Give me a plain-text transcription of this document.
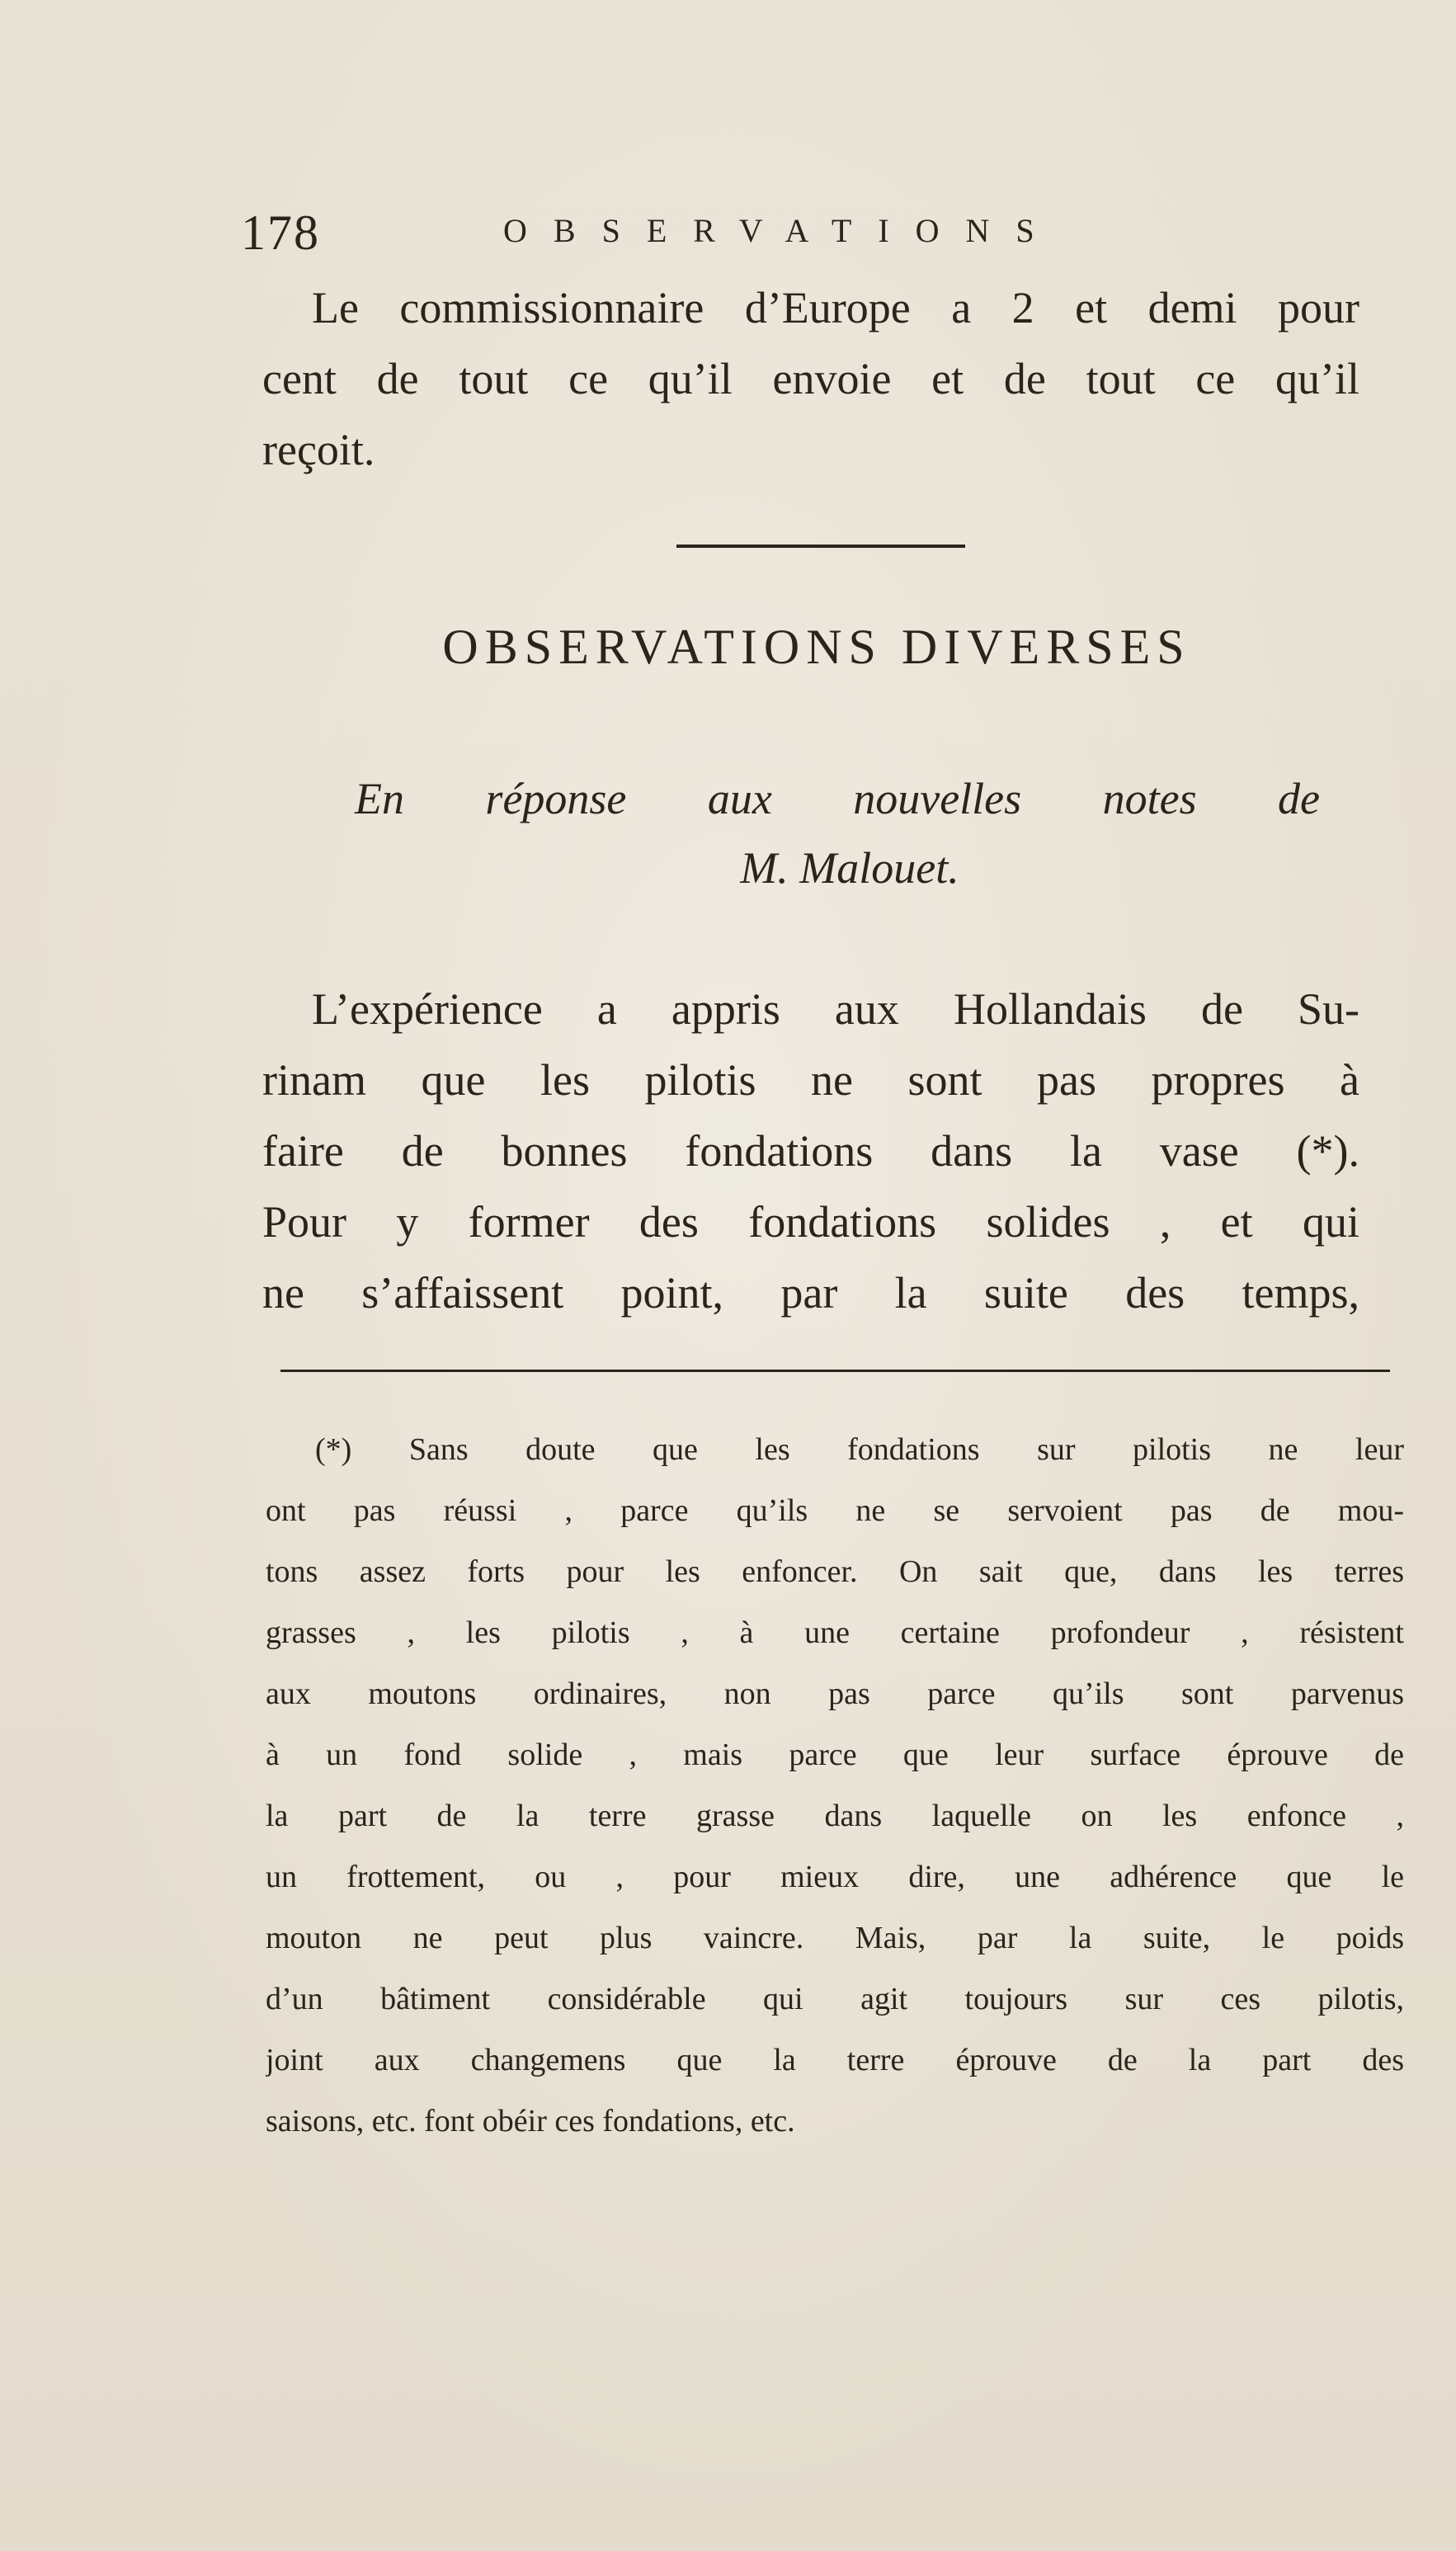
178	OBSERVATIONS
Le commissionnaire d’Europe a 2 et demi pour
cent de tout ce qu’il envoie et de tout ce qu’il
reçoit.
OBSERVATIONS DIVERSES
En réponse aux nouvelles notes de
M. Malouet.
L’expérience a appris aux Hollandais de Su-
rinam que les pilotis ne sont pas propres à
faire de bonnes fondations dans la vase (*).
Pour y former des fondations solides , et qui
ne s’affaissent point, par la suite des temps,
(*) Sans doute que les fondations sur pilotis ne leur
ont pas réussi , parce qu’ils ne se servoient pas de mou-
tons assez forts pour les enfoncer. On sait que, dans les terres
grasses , les pilotis , à une certaine profondeur , résistent
aux moutons ordinaires, non pas parce qu’ils sont parvenus
à un fond solide , mais parce que leur surface éprouve de
la part de la terre grasse dans laquelle on les enfonce ,
un frottement, ou , pour mieux dire, une adhérence que le
mouton ne peut plus vaincre. Mais, par la suite, le poids
d’un bâtiment considérable qui agit toujours sur ces pilotis,
joint aux changemens que la terre éprouve de la part des
saisons, etc. font obéir ces fondations, etc.
